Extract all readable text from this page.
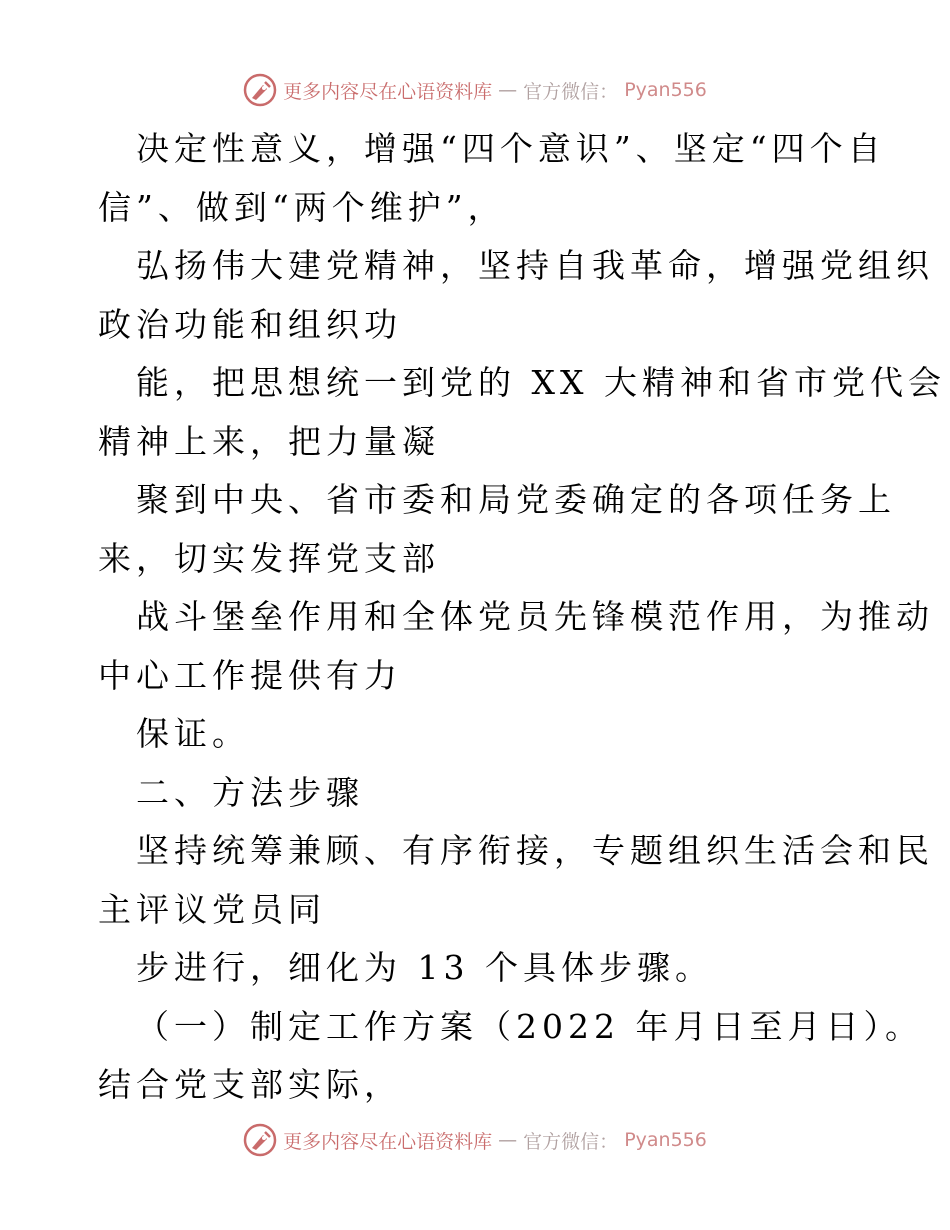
更多内容尽在心语资料库 — 官方微信： Pyan556
决定性意义，增强“四个意识”、坚定“四个自
信”、做到“两个维护”，
弘扬伟大建党精神，坚持自我革命，增强党组织
政治功能和组织功
能，把思想统一到党的 XX 大精神和省市党代会
精神上来，把力量凝
聚到中央、省市委和局党委确定的各项任务上
来，切实发挥党支部
战斗堡垒作用和全体党员先锋模范作用，为推动
中心工作提供有力
保证。
二、方法步骤
坚持统筹兼顾、有序衔接，专题组织生活会和民
主评议党员同
步进行，细化为 13 个具体步骤。
（一）制定工作方案（2022 年月日至月日）。
结合党支部实际，
更多内容尽在心语资料库 — 官方微信： Pyan556
